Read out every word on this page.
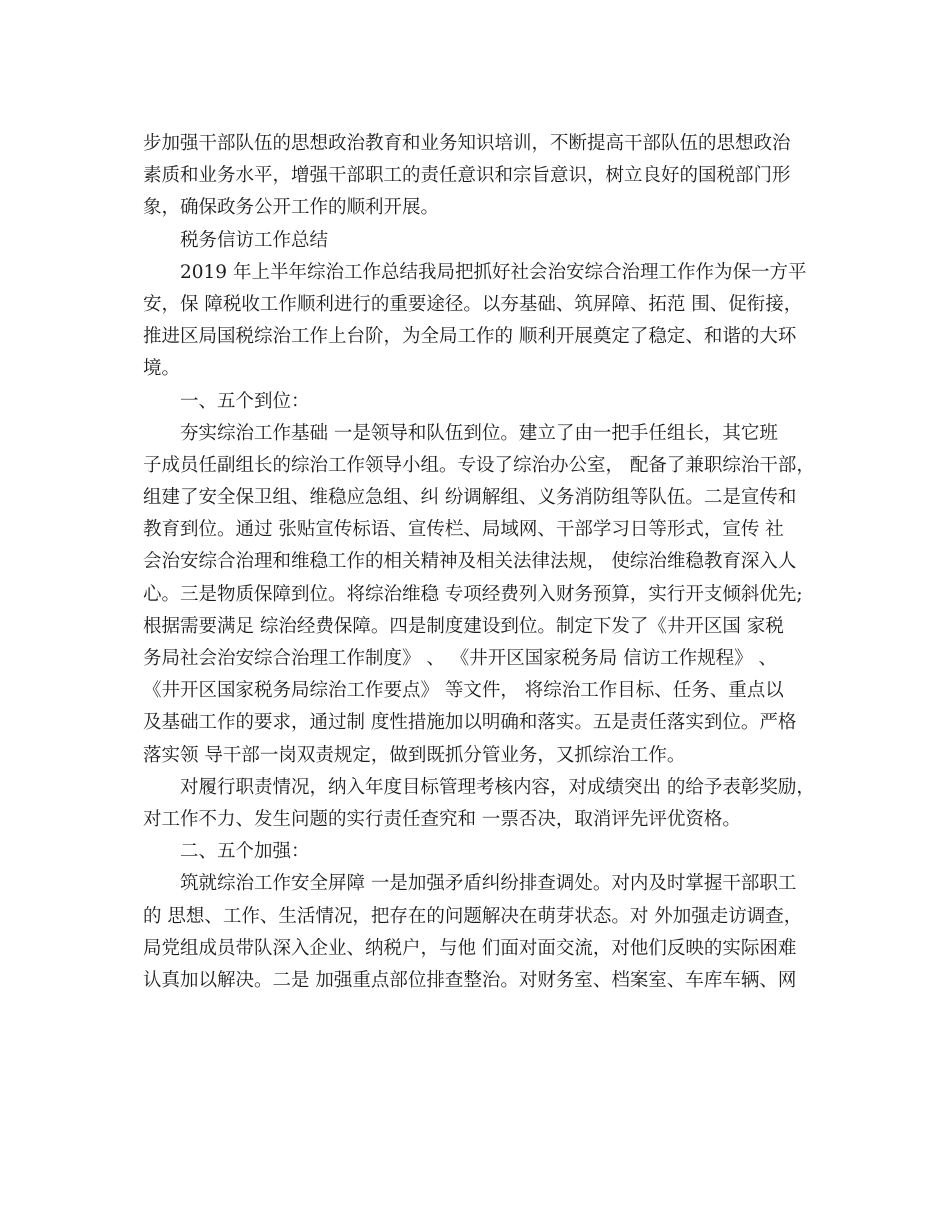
步加强干部队伍的思想政治教育和业务知识培训，不断提高干部队伍的思想政治
素质和业务水平，增强干部职工的责任意识和宗旨意识，树立良好的国税部门形
象，确保政务公开工作的顺利开展。
税务信访工作总结
2019 年上半年综治工作总结我局把抓好社会治安综合治理工作作为保一方平
安，保 障税收工作顺利进行的重要途径。以夯基础、筑屏障、拓范 围、促衔接，
推进区局国税综治工作上台阶，为全局工作的 顺利开展奠定了稳定、和谐的大环
境。
一、五个到位：
夯实综治工作基础 一是领导和队伍到位。建立了由一把手任组长，其它班
子成员任副组长的综治工作领导小组。专设了综治办公室， 配备了兼职综治干部，
组建了安全保卫组、维稳应急组、纠 纷调解组、义务消防组等队伍。二是宣传和
教育到位。通过 张贴宣传标语、宣传栏、局域网、干部学习日等形式，宣传 社
会治安综合治理和维稳工作的相关精神及相关法律法规， 使综治维稳教育深入人
心。三是物质保障到位。将综治维稳 专项经费列入财务预算，实行开支倾斜优先;
根据需要满足 综治经费保障。四是制度建设到位。制定下发了《井开区国 家税
务局社会治安综合治理工作制度》 、 《井开区国家税务局 信访工作规程》 、
《井开区国家税务局综治工作要点》 等文件， 将综治工作目标、任务、重点以
及基础工作的要求，通过制 度性措施加以明确和落实。五是责任落实到位。严格
落实领 导干部一岗双责规定，做到既抓分管业务，又抓综治工作。
对履行职责情况，纳入年度目标管理考核内容，对成绩突出 的给予表彰奖励，
对工作不力、发生问题的实行责任查究和 一票否决，取消评先评优资格。
二、五个加强：
筑就综治工作安全屏障 一是加强矛盾纠纷排查调处。对内及时掌握干部职工
的 思想、工作、生活情况，把存在的问题解决在萌芽状态。对 外加强走访调查，
局党组成员带队深入企业、纳税户，与他 们面对面交流，对他们反映的实际困难
认真加以解决。二是 加强重点部位排查整治。对财务室、档案室、车库车辆、网
